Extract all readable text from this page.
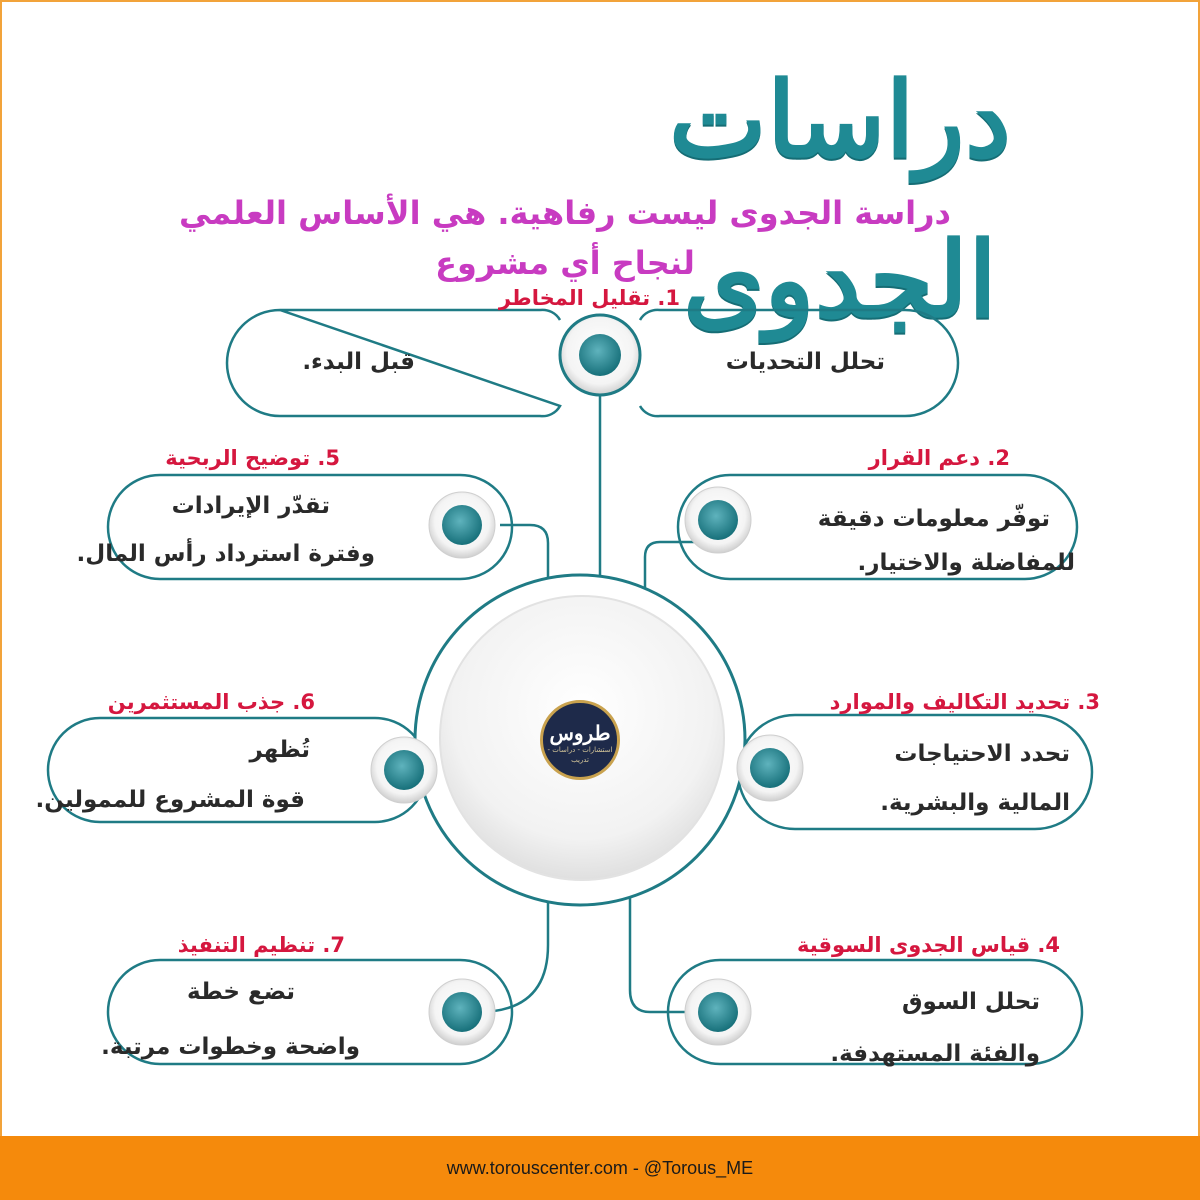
دراسات الجدوى
دراسة الجدوى ليست رفاهية. هي الأساس العلمي لنجاح أي مشروع
1. تقليل المخاطر
تحلل التحديات
قبل البدء.
2. دعم القرار
توفّر معلومات دقيقة
للمفاضلة والاختيار.
3. تحديد التكاليف والموارد
تحدد الاحتياجات
المالية والبشرية.
4. قياس الجدوى السوقية
تحلل السوق
والفئة المستهدفة.
5. توضيح الربحية
تقدّر الإيرادات
وفترة استرداد رأس المال.
6. جذب المستثمرين
تُظهر
قوة المشروع للممولين.
7. تنظيم التنفيذ
تضع خطة
واضحة وخطوات مرتبة.
طروس
استشارات - دراسات - تدريب
www.torouscenter.com - @Torous_ME
